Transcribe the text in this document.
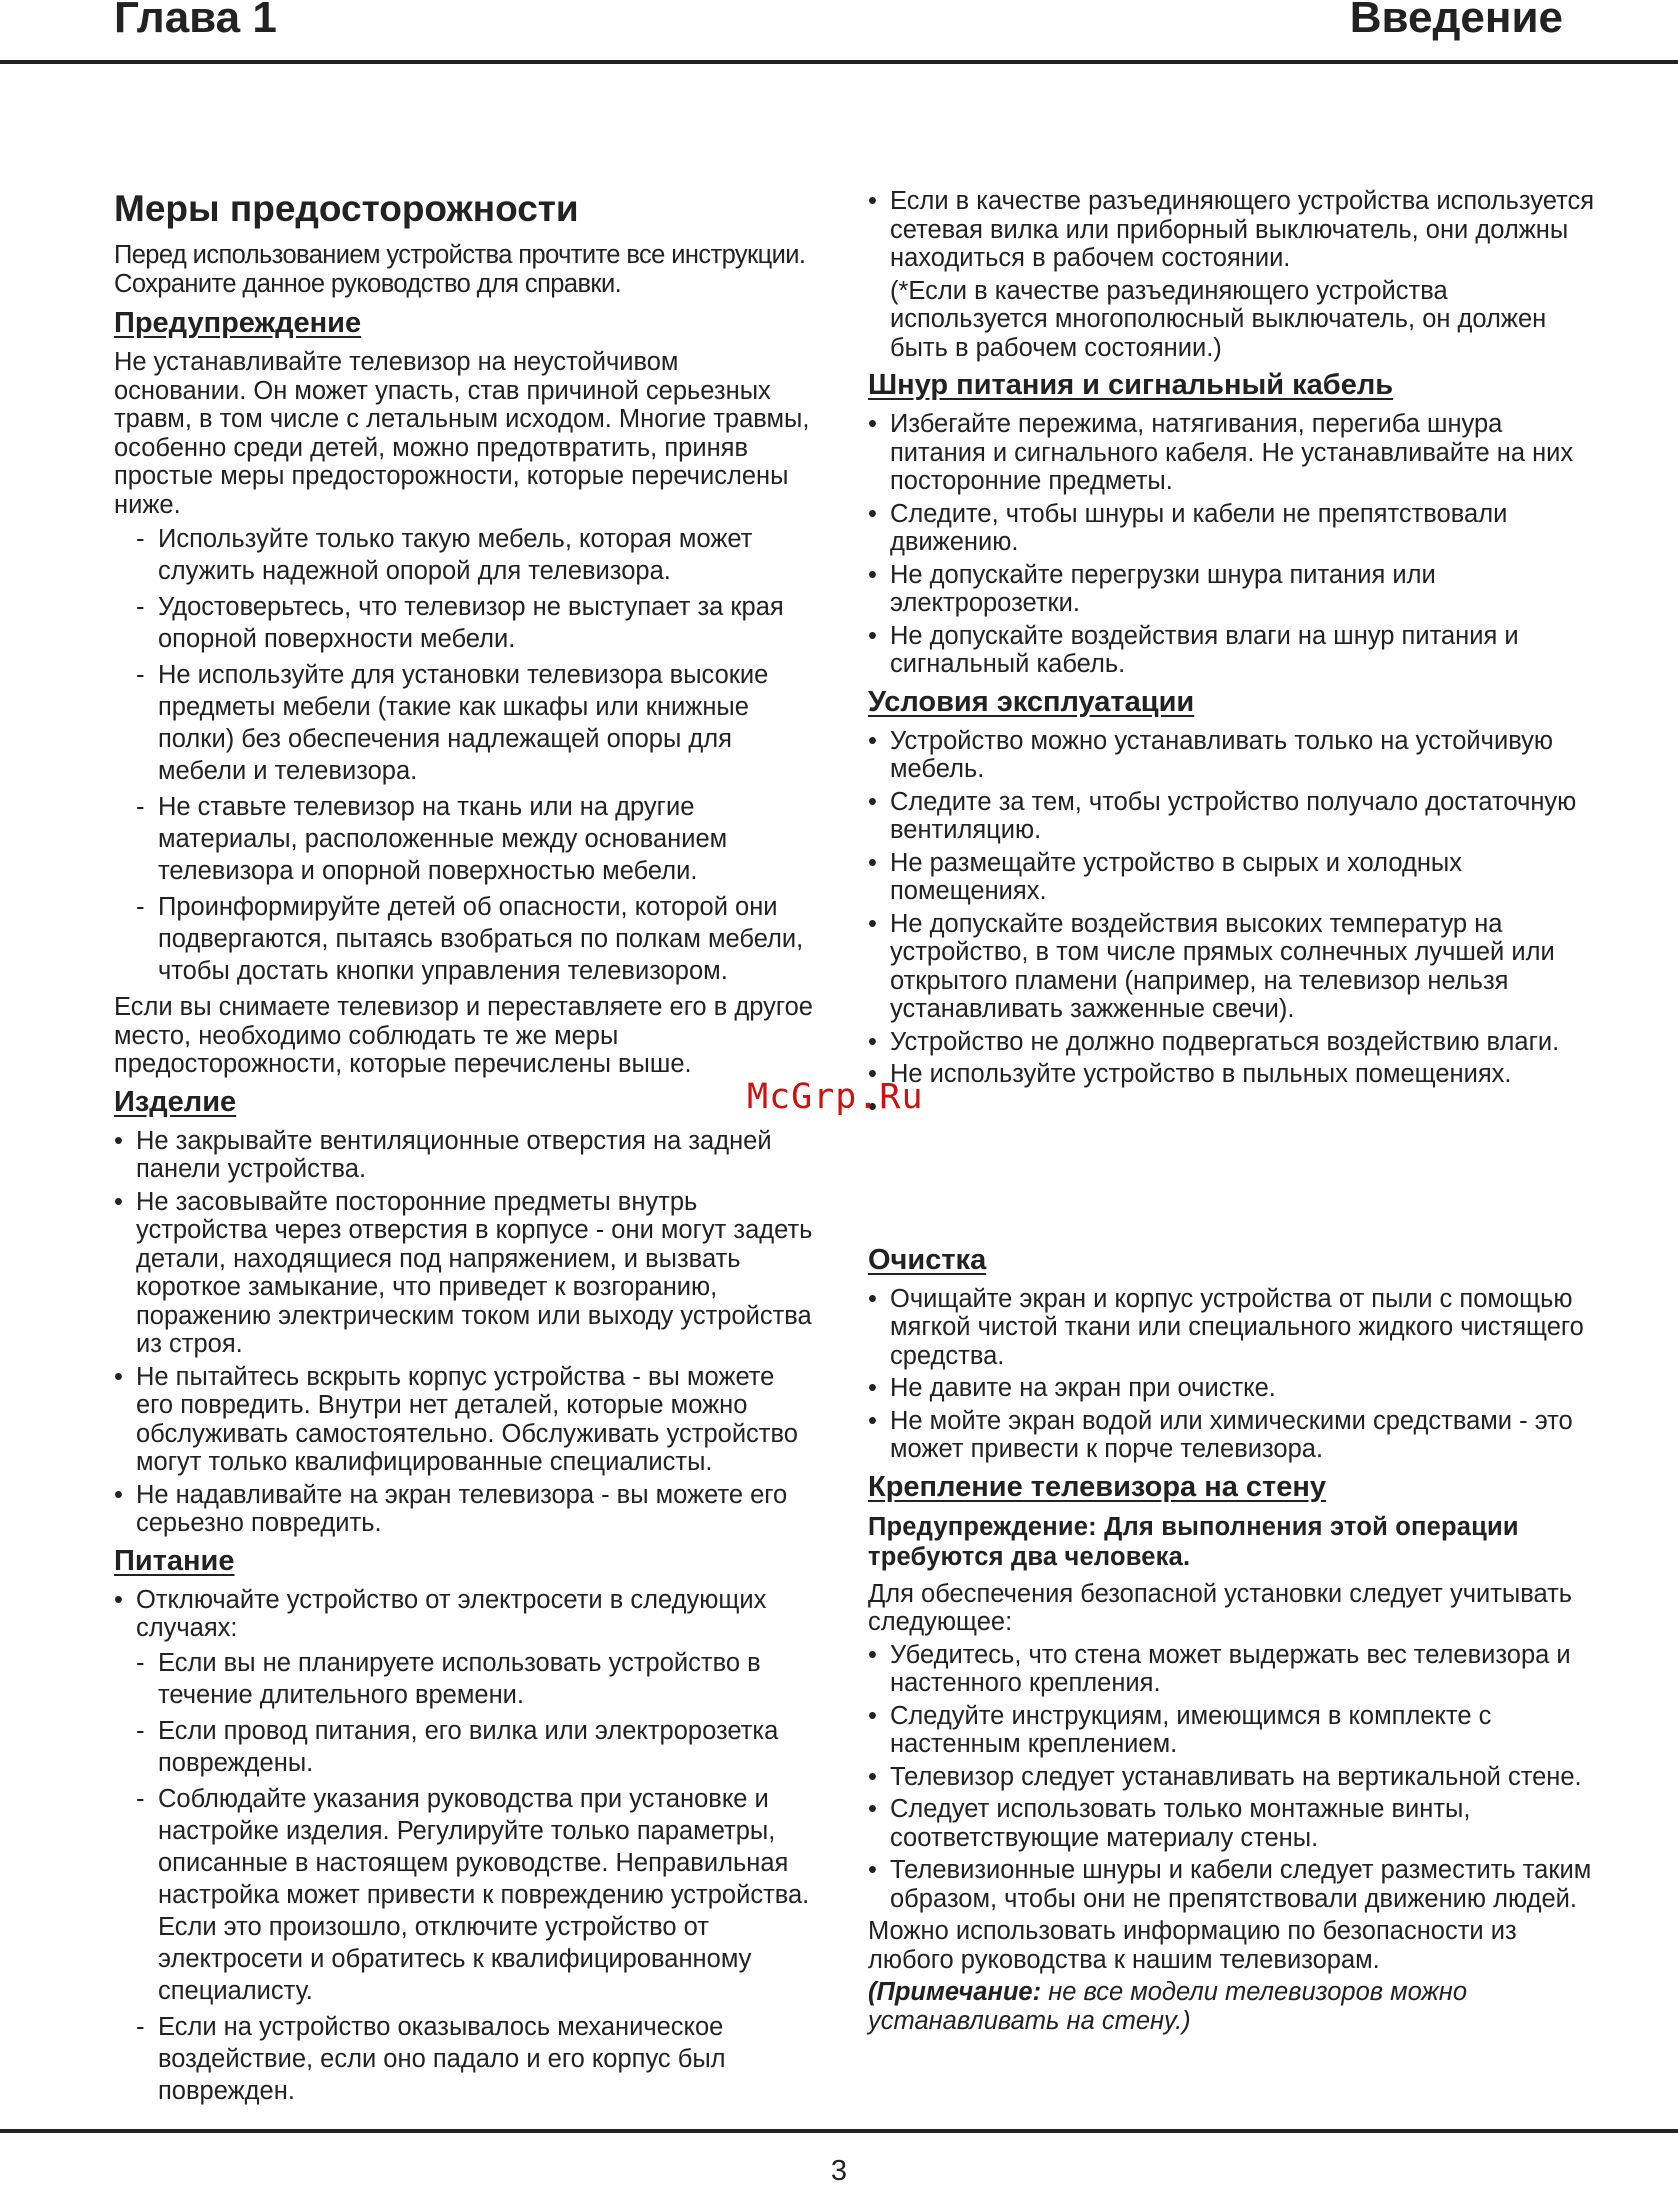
Глава 1	Введение
Меры предосторожности

Перед использованием устройства прочтите все инструкции. Сохраните данное руководство для справки.

Предупреждение

Не устанавливайте телевизор на неустойчивом основании. Он может упасть, став причиной серьезных травм, в том числе с летальным исходом. Многие травмы, особенно среди детей, можно предотвратить, приняв простые меры предосторожности, которые перечислены ниже.

- Используйте только такую мебель, которая может служить надежной опорой для телевизора.
- Удостоверьтесь, что телевизор не выступает за края опорной поверхности мебели.
- Не используйте для установки телевизора высокие предметы мебели (такие как шкафы или книжные полки) без обеспечения надлежащей опоры для мебели и телевизора.
- Не ставьте телевизор на ткань или на другие материалы, расположенные между основанием телевизора и опорной поверхностью мебели.
- Проинформируйте детей об опасности, которой они подвергаются, пытаясь взобраться по полкам мебели, чтобы достать кнопки управления телевизором.

Если вы снимаете телевизор и переставляете его в другое место, необходимо соблюдать те же меры предосторожности, которые перечислены выше.

Изделие
• Не закрывайте вентиляционные отверстия на задней панели устройства.
• Не засовывайте посторонние предметы внутрь устройства через отверстия в корпусе - они могут задеть детали, находящиеся под напряжением, и вызвать короткое замыкание, что приведет к возгоранию, поражению электрическим током или выходу устройства из строя.
• Не пытайтесь вскрыть корпус устройства - вы можете его повредить. Внутри нет деталей, которые можно обслуживать самостоятельно. Обслуживать устройство могут только квалифицированные специалисты.
• Не надавливайте на экран телевизора - вы можете его серьезно повредить.
Питание
• Отключайте устройство от электросети в следующих случаях:
- Если вы не планируете использовать устройство в течение длительного времени.
- Если провод питания, его вилка или электророзетка повреждены.
- Соблюдайте указания руководства при установке и настройке изделия. Регулируйте только параметры, описанные в настоящем руководстве. Неправильная настройка может привести к повреждению устройства. Если это произошло, отключите устройство от электросети и обратитесь к квалифицированному специалисту.
- Если на устройство оказывалось механическое воздействие, если оно падало и его корпус был поврежден.
• Если в качестве разъединяющего устройства используется сетевая вилка или приборный выключатель, они должны находиться в рабочем состоянии.
(*Если в качестве разъединяющего устройства используется многополюсный выключатель, он должен быть в рабочем состоянии.)
Шнур питания и сигнальный кабель
• Избегайте пережима, натягивания, перегиба шнура питания и сигнального кабеля. Не устанавливайте на них посторонние предметы.
• Следите, чтобы шнуры и кабели не препятствовали движению.
• Не допускайте перегрузки шнура питания или электророзетки.
• Не допускайте воздействия влаги на шнур питания и сигнальный кабель.
Условия эксплуатации
• Устройство можно устанавливать только на устойчивую мебель.
• Следите за тем, чтобы устройство получало достаточную вентиляцию.
• Не размещайте устройство в сырых и холодных помещениях.
• Не допускайте воздействия высоких температур на устройство, в том числе прямых солнечных лучшей или открытого пламени (например, на телевизор нельзя устанавливать зажженные свечи).
• Устройство не должно подвергаться воздействию влаги.
• Не используйте устройство в пыльных помещениях.
•
Очистка
• Очищайте экран и корпус устройства от пыли с помощью мягкой чистой ткани или специального жидкого чистящего средства.
• Не давите на экран при очистке.
• Не мойте экран водой или химическими средствами - это может привести к порче телевизора.
Крепление телевизора на стену

Предупреждение: Для выполнения этой операции требуются два человека.

Для обеспечения безопасной установки следует учитывать следующее:

• Убедитесь, что стена может выдержать вес телевизора и настенного крепления.
• Следуйте инструкциям, имеющимся в комплекте с настенным креплением.
• Телевизор следует устанавливать на вертикальной стене.
• Следует использовать только монтажные винты, соответствующие материалу стены.
• Телевизионные шнуры и кабели следует разместить таким образом, чтобы они не препятствовали движению людей.

Можно использовать информацию по безопасности из любого руководства к нашим телевизорам.

(Примечание: не все модели телевизоров можно устанавливать на стену.)

McGrp.Ru
3
